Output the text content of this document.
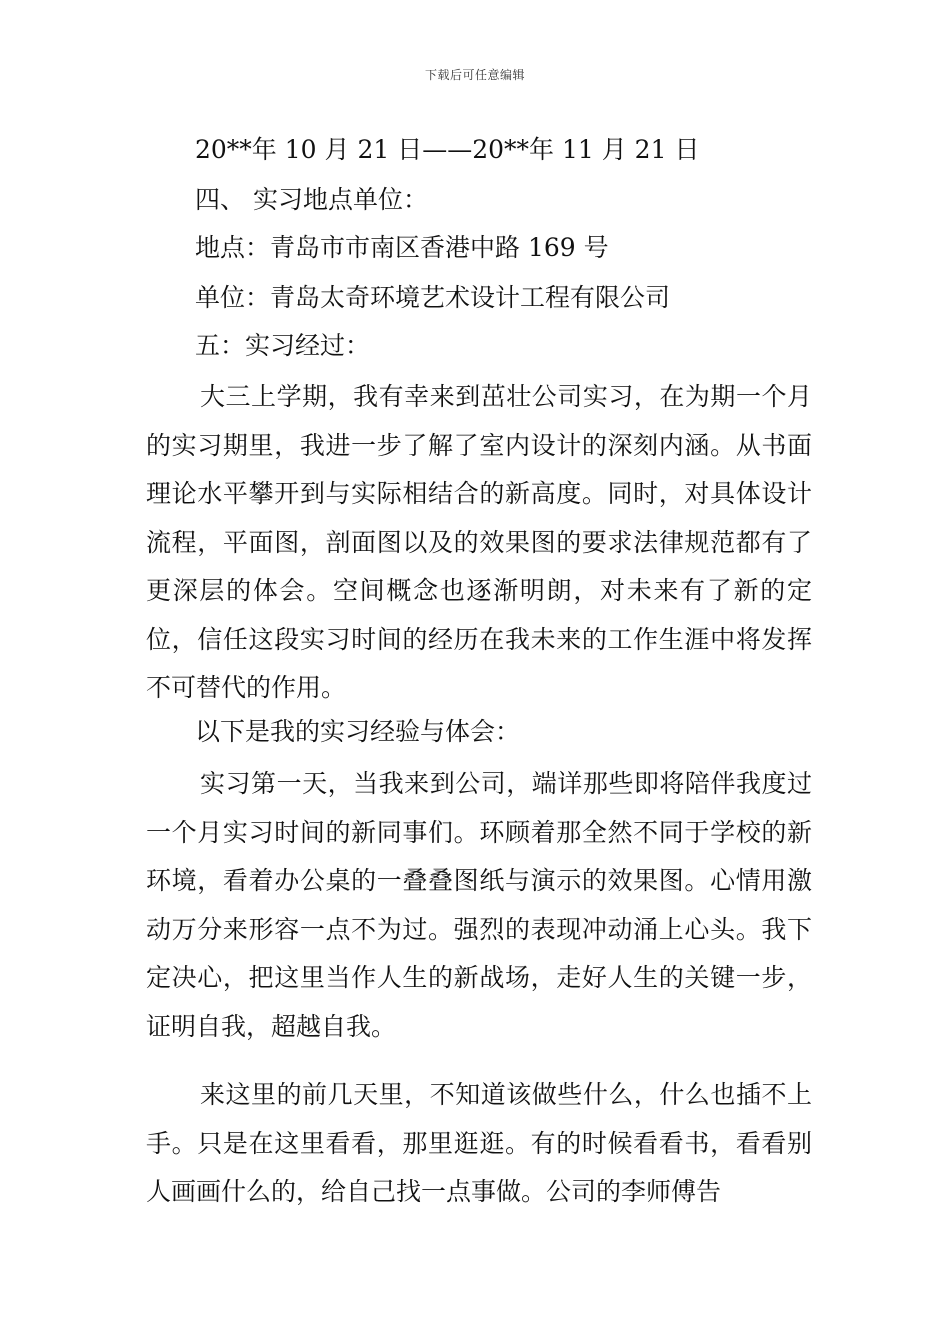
下载后可任意编辑
20**年 10 月 21 日——20**年 11 月 21 日
四、 实习地点单位：
地点：青岛市市南区香港中路 169 号
单位：青岛太奇环境艺术设计工程有限公司
五：实习经过：

大三上学期，我有幸来到茁壮公司实习，在为期一个月的实习期里，我进一步了解了室内设计的深刻内涵。从书面理论水平攀开到与实际相结合的新高度。同时，对具体设计流程，平面图，剖面图以及的效果图的要求法律规范都有了更深层的体会。空间概念也逐渐明朗，对未来有了新的定位，信任这段实习时间的经历在我未来的工作生涯中将发挥不可替代的作用。

以下是我的实习经验与体会：

实习第一天，当我来到公司，端详那些即将陪伴我度过一个月实习时间的新同事们。环顾着那全然不同于学校的新环境，看着办公桌的一叠叠图纸与演示的效果图。心情用激动万分来形容一点不为过。强烈的表现冲动涌上心头。我下定决心，把这里当作人生的新战场，走好人生的关键一步，证明自我，超越自我。

来这里的前几天里，不知道该做些什么，什么也插不上手。只是在这里看看，那里逛逛。有的时候看看书，看看别人画画什么的，给自己找一点事做。公司的李师傅告
